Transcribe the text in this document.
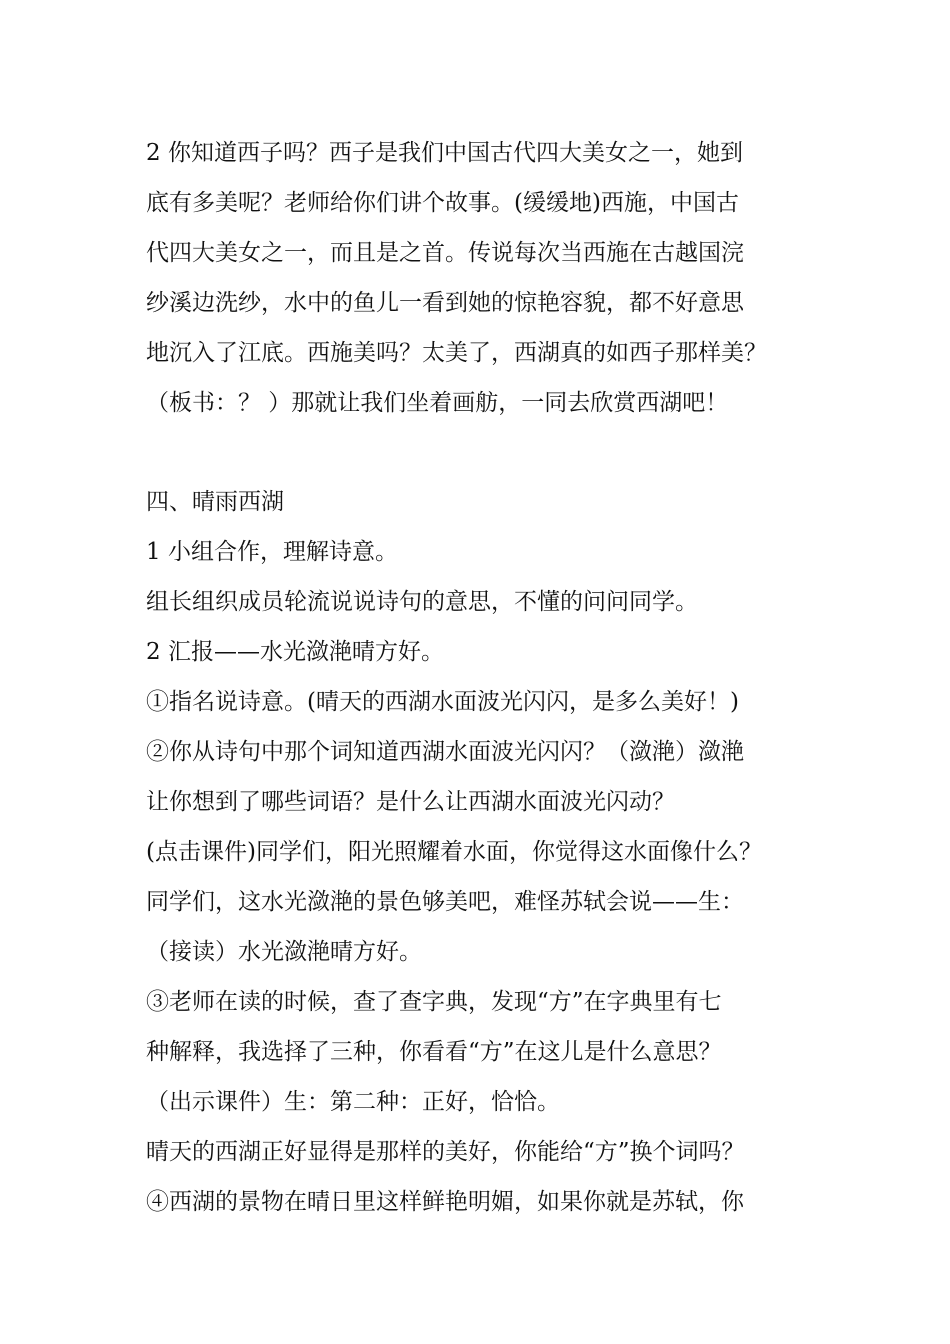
2 你知道西子吗？西子是我们中国古代四大美女之一，她到
底有多美呢？老师给你们讲个故事。(缓缓地)西施，中国古
代四大美女之一，而且是之首。传说每次当西施在古越国浣
纱溪边洗纱，水中的鱼儿一看到她的惊艳容貌，都不好意思
地沉入了江底。西施美吗？太美了，西湖真的如西子那样美？
（板书：？ ）那就让我们坐着画舫，一同去欣赏西湖吧！
四、晴雨西湖
1 小组合作，理解诗意。
组长组织成员轮流说说诗句的意思，不懂的问问同学。
2 汇报——水光潋滟晴方好。
①指名说诗意。(晴天的西湖水面波光闪闪，是多么美好！)
②你从诗句中那个词知道西湖水面波光闪闪？（潋滟）潋滟
让你想到了哪些词语？是什么让西湖水面波光闪动？
(点击课件)同学们，阳光照耀着水面，你觉得这水面像什么？
同学们，这水光潋滟的景色够美吧，难怪苏轼会说——生：
（接读）水光潋滟晴方好。
③老师在读的时候，查了查字典，发现“方”在字典里有七
种解释，我选择了三种，你看看“方”在这儿是什么意思？
（出示课件）生：第二种：正好，恰恰。
晴天的西湖正好显得是那样的美好，你能给“方”换个词吗？
④西湖的景物在晴日里这样鲜艳明媚，如果你就是苏轼，你
